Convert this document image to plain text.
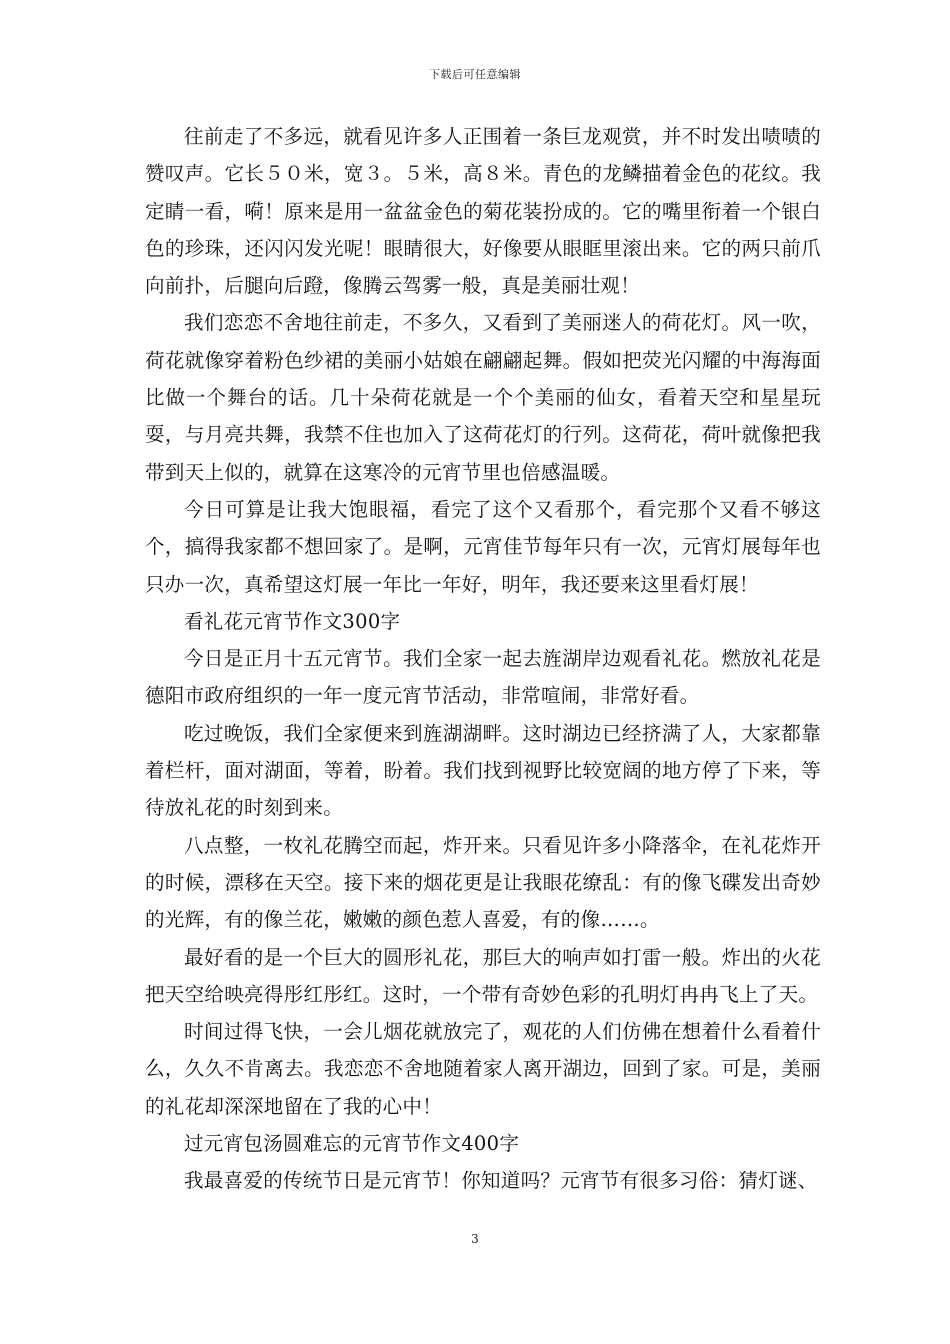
下载后可任意编辑

往前走了不多远，就看见许多人正围着一条巨龙观赏，并不时发出啧啧的赞叹声。它长５０米，宽３。５米，高８米。青色的龙鳞描着金色的花纹。我定睛一看，嗬！原来是用一盆盆金色的菊花装扮成的。它的嘴里衔着一个银白色的珍珠，还闪闪发光呢！眼睛很大，好像要从眼眶里滚出来。它的两只前爪向前扑，后腿向后蹬，像腾云驾雾一般，真是美丽壮观！

我们恋恋不舍地往前走，不多久，又看到了美丽迷人的荷花灯。风一吹，荷花就像穿着粉色纱裙的美丽小姑娘在翩翩起舞。假如把荧光闪耀的中海海面比做一个舞台的话。几十朵荷花就是一个个美丽的仙女，看着天空和星星玩耍，与月亮共舞，我禁不住也加入了这荷花灯的行列。这荷花，荷叶就像把我带到天上似的，就算在这寒冷的元宵节里也倍感温暖。

今日可算是让我大饱眼福，看完了这个又看那个，看完那个又看不够这个，搞得我家都不想回家了。是啊，元宵佳节每年只有一次，元宵灯展每年也只办一次，真希望这灯展一年比一年好，明年，我还要来这里看灯展！

看礼花元宵节作文300字

今日是正月十五元宵节。我们全家一起去旌湖岸边观看礼花。燃放礼花是德阳市政府组织的一年一度元宵节活动，非常喧闹，非常好看。

吃过晚饭，我们全家便来到旌湖湖畔。这时湖边已经挤满了人，大家都靠着栏杆，面对湖面，等着，盼着。我们找到视野比较宽阔的地方停了下来，等待放礼花的时刻到来。

八点整，一枚礼花腾空而起，炸开来。只看见许多小降落伞，在礼花炸开的时候，漂移在天空。接下来的烟花更是让我眼花缭乱：有的像飞碟发出奇妙的光辉，有的像兰花，嫩嫩的颜色惹人喜爱，有的像……。

最好看的是一个巨大的圆形礼花，那巨大的响声如打雷一般。炸出的火花把天空给映亮得彤红彤红。这时，一个带有奇妙色彩的孔明灯冉冉飞上了天。

时间过得飞快，一会儿烟花就放完了，观花的人们仿佛在想着什么看着什么，久久不肯离去。我恋恋不舍地随着家人离开湖边，回到了家。可是，美丽的礼花却深深地留在了我的心中！

过元宵包汤圆难忘的元宵节作文400字

我最喜爱的传统节日是元宵节！你知道吗？元宵节有很多习俗：猜灯谜、

3
